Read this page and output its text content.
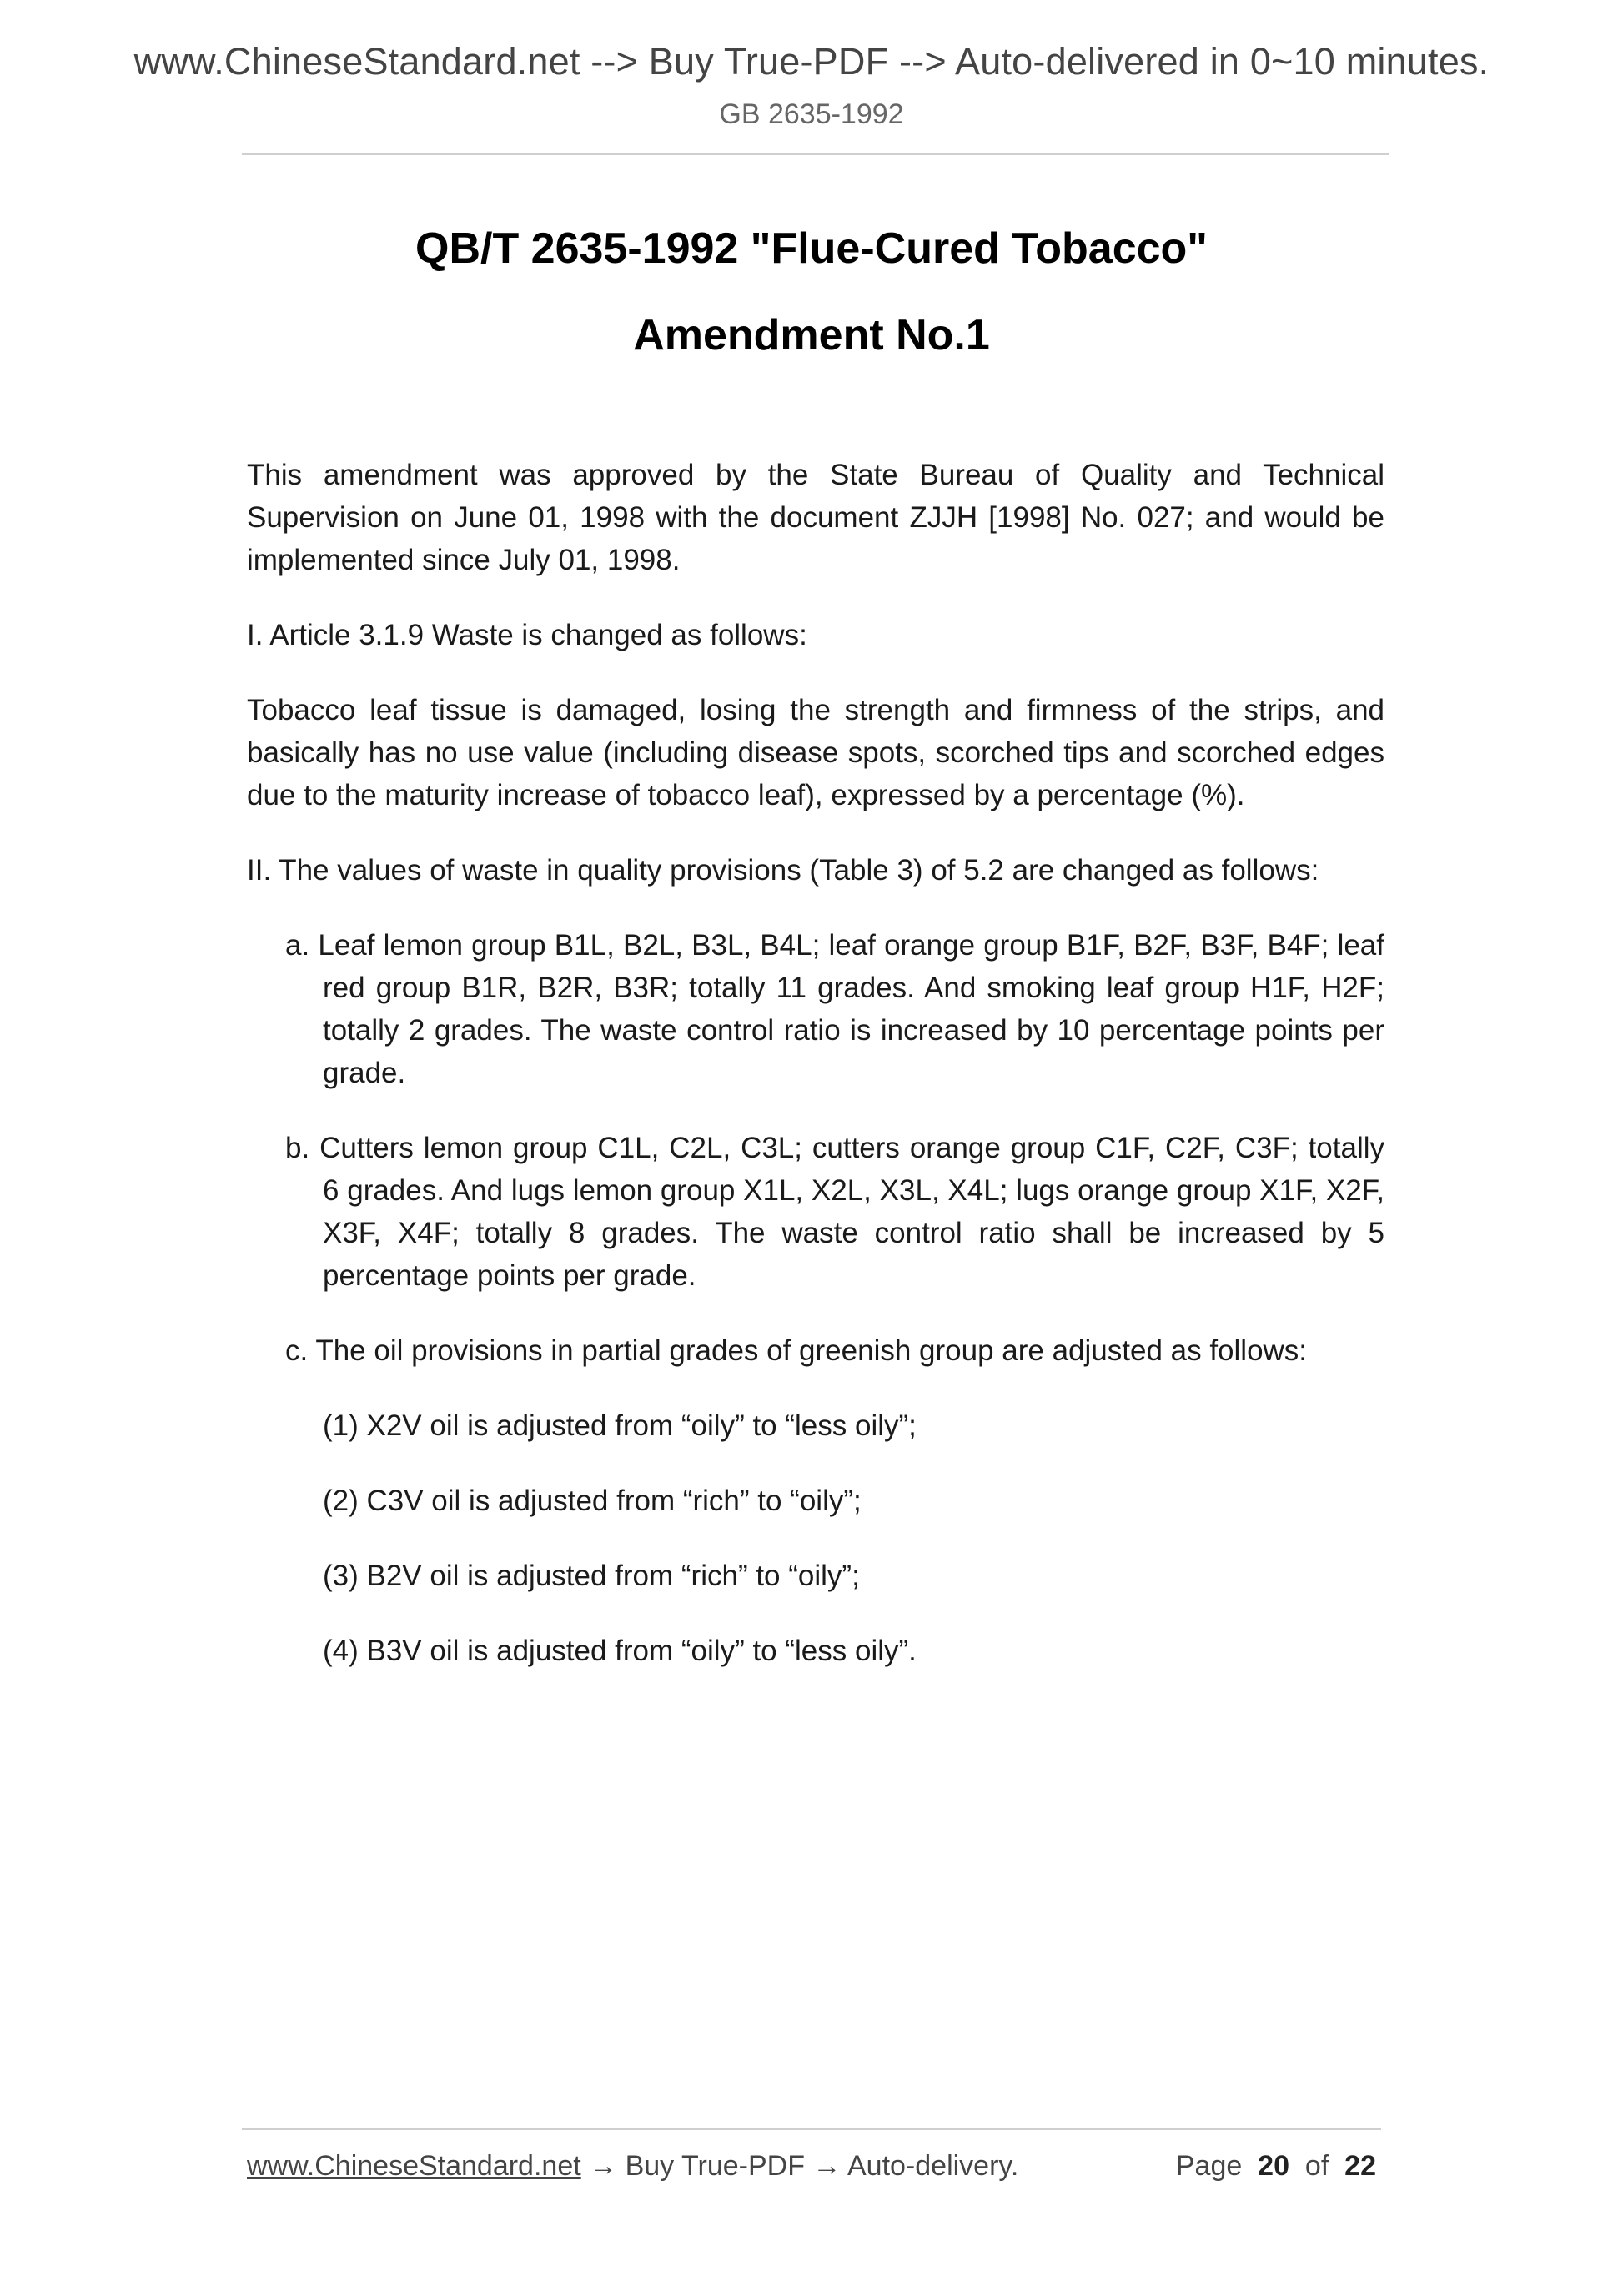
www.ChineseStandard.net --> Buy True-PDF --> Auto-delivered in 0~10 minutes.
GB 2635-1992
QB/T 2635-1992 "Flue-Cured Tobacco"
Amendment No.1

This amendment was approved by the State Bureau of Quality and Technical Supervision on June 01, 1998 with the document ZJJH [1998] No. 027; and would be implemented since July 01, 1998.

I. Article 3.1.9 Waste is changed as follows:

Tobacco leaf tissue is damaged, losing the strength and firmness of the strips, and basically has no use value (including disease spots, scorched tips and scorched edges due to the maturity increase of tobacco leaf), expressed by a percentage (%).

II. The values of waste in quality provisions (Table 3) of 5.2 are changed as follows:

a. Leaf lemon group B1L, B2L, B3L, B4L; leaf orange group B1F, B2F, B3F, B4F; leaf red group B1R, B2R, B3R; totally 11 grades. And smoking leaf group H1F, H2F; totally 2 grades. The waste control ratio is increased by 10 percentage points per grade.

b. Cutters lemon group C1L, C2L, C3L; cutters orange group C1F, C2F, C3F; totally 6 grades. And lugs lemon group X1L, X2L, X3L, X4L; lugs orange group X1F, X2F, X3F, X4F; totally 8 grades. The waste control ratio shall be increased by 5 percentage points per grade.

c. The oil provisions in partial grades of greenish group are adjusted as follows:

(1) X2V oil is adjusted from “oily” to “less oily”;

(2) C3V oil is adjusted from “rich” to “oily”;

(3) B2V oil is adjusted from “rich” to “oily”;

(4) B3V oil is adjusted from “oily” to “less oily”.

www.ChineseStandard.net → Buy True-PDF → Auto-delivery.	Page 20 of 22
